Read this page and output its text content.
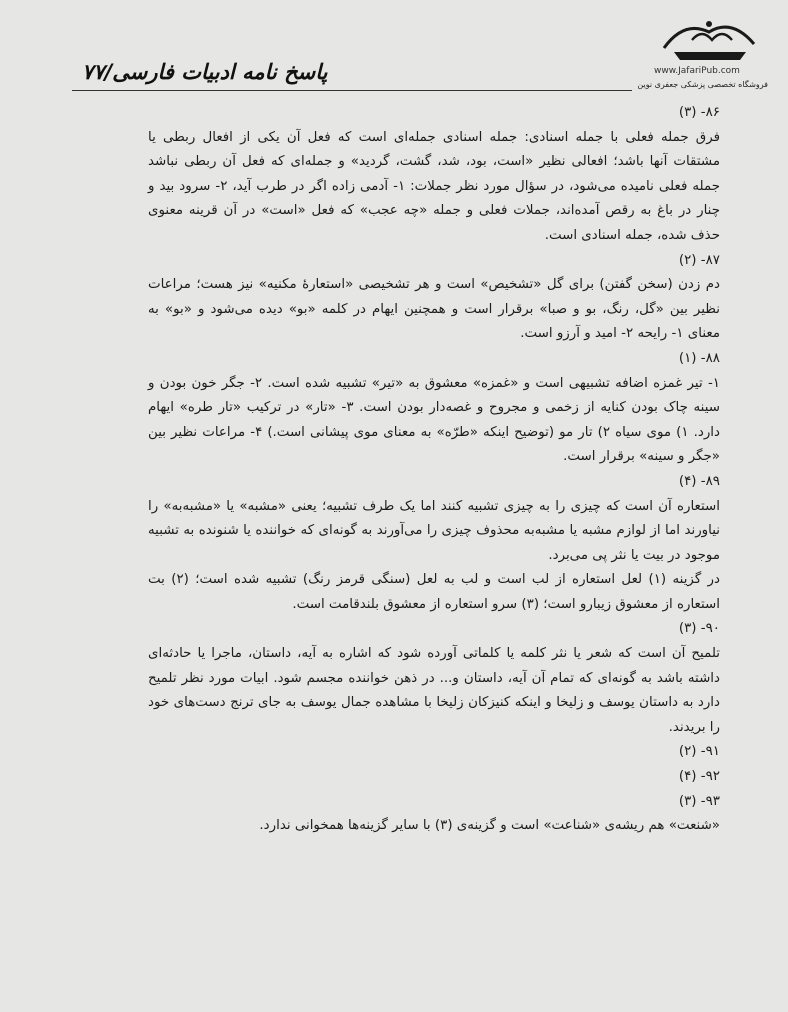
www.JafariPub.com
فروشگاه تخصصی پزشکی جعفری نوین
پاسخ نامه ادبیات فارسی/۷۷
۸۶- (۳)

فرق جمله فعلی با جمله اسنادی: جمله اسنادی جمله‌ای است که فعل آن یکی از افعال ربطی یا مشتقات آنها باشد؛ افعالی نظیر «است، بود، شد، گشت، گردید» و جمله‌ای که فعل آن ربطی نباشد جمله فعلی نامیده می‌شود، در سؤال مورد نظر جملات: ۱- آدمی زاده اگر در طرب آید، ۲- سرود بید و چنار در باغ به رقص آمده‌اند، جملات فعلی و جمله «چه عجب» که فعل «است» در آن قرینه معنوی حذف شده، جمله اسنادی است.

۸۷- (۲)

دم زدن (سخن گفتن) برای گل «تشخیص» است و هر تشخیصی «استعارهٔ مکنیه» نیز هست؛ مراعات نظیر بین «گل، رنگ، بو و صبا» برقرار است و همچنین ایهام در کلمه «بو» دیده می‌شود و «بو» به معنای ۱- رایحه ۲- امید و آرزو است.

۸۸- (۱)

۱- تیر غمزه اضافه تشبیهی است و «غمزه» معشوق به «تیر» تشبیه شده است. ۲- جگر خون بودن و سینه چاک بودن کنایه از زخمی و مجروح و غصه‌دار بودن است. ۳- «تار» در ترکیب «تار طره» ایهام دارد. ۱) موی سیاه ۲) تار مو (توضیح اینکه «طرّه» به معنای موی پیشانی است.) ۴- مراعات نظیر بین «جگر و سینه» برقرار است.

۸۹- (۴)

استعاره آن است که چیزی را به چیزی تشبیه کنند اما یک طرف تشبیه؛ یعنی «مشبه» یا «مشبه‌به» را نیاورند اما از لوازم مشبه یا مشبه‌به محذوف چیزی را می‌آورند به گونه‌ای که خواننده یا شنونده به تشبیه موجود در بیت یا نثر پی می‌برد.

در گزینه (۱) لعل استعاره از لب است و لب به لعل (سنگی قرمز رنگ) تشبیه شده است؛ (۲) بت استعاره از معشوق زیبارو است؛ (۳) سرو استعاره از معشوق بلندقامت است.

۹۰- (۳)

تلمیح آن است که شعر یا نثر کلمه یا کلماتی آورده شود که اشاره به آیه، داستان، ماجرا یا حادثه‌ای داشته باشد به گونه‌ای که تمام آن آیه، داستان و... در ذهن خواننده مجسم شود. ابیات مورد نظر تلمیح دارد به داستان یوسف و زلیخا و اینکه کنیزکان زلیخا با مشاهده جمال یوسف به جای ترنج دست‌های خود را بریدند.

۹۱- (۲)
۹۲- (۴)
۹۳- (۳)

«شنعت» هم ریشه‌ی «شناعت» است و گزینه‌ی (۳) با سایر گزینه‌ها همخوانی ندارد.
